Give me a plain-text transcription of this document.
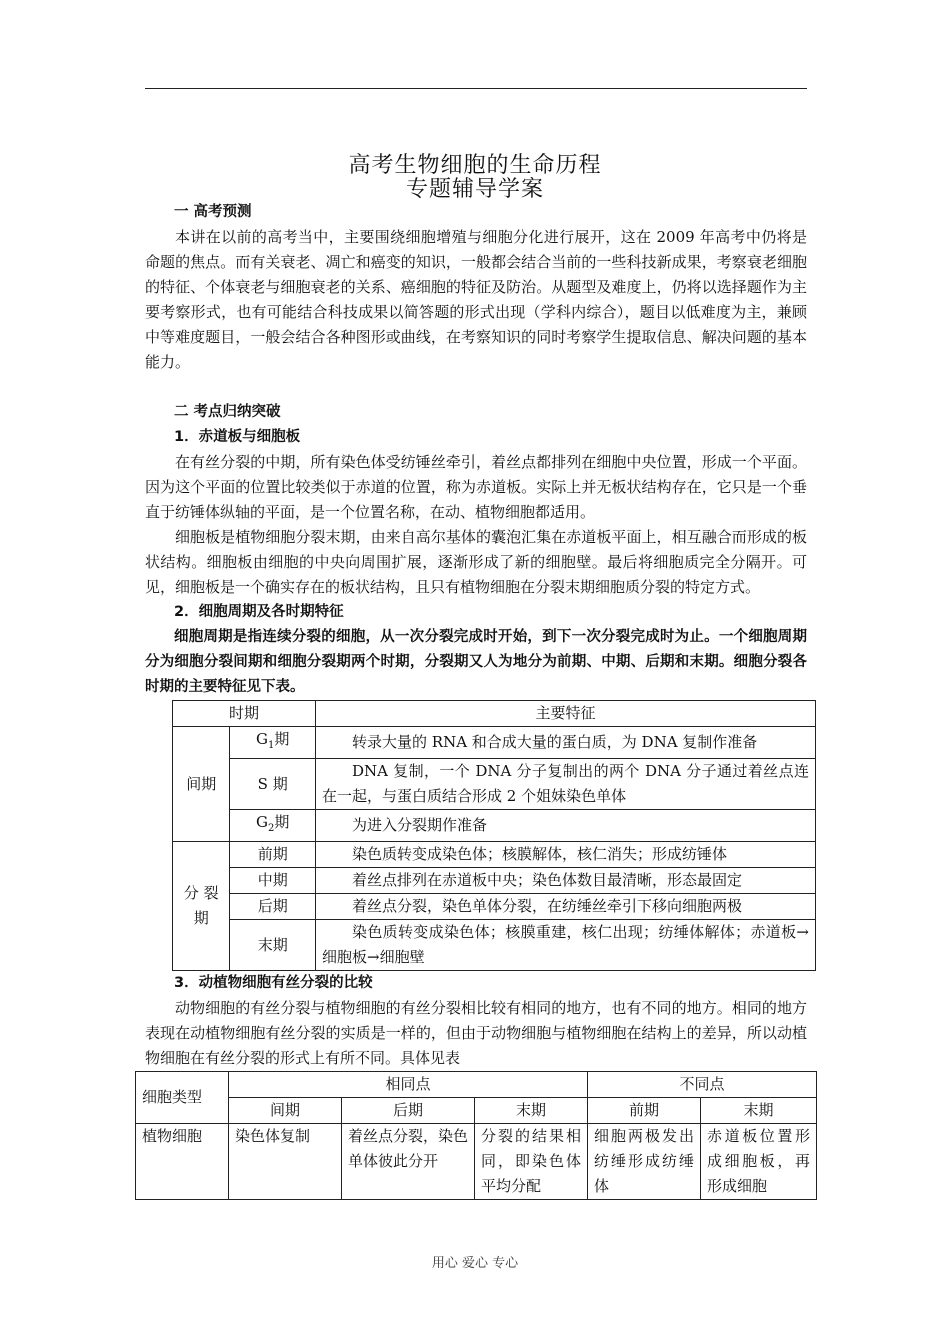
高考生物细胞的生命历程
专题辅导学案

一 高考预测

本讲在以前的高考当中，主要围绕细胞增殖与细胞分化进行展开，这在 2009 年高考中仍将是命题的焦点。而有关衰老、凋亡和癌变的知识，一般都会结合当前的一些科技新成果，考察衰老细胞的特征、个体衰老与细胞衰老的关系、癌细胞的特征及防治。从题型及难度上，仍将以选择题作为主要考察形式，也有可能结合科技成果以简答题的形式出现（学科内综合），题目以低难度为主，兼顾中等难度题目，一般会结合各种图形或曲线，在考察知识的同时考察学生提取信息、解决问题的基本能力。

二 考点归纳突破

1．赤道板与细胞板

在有丝分裂的中期，所有染色体受纺锤丝牵引，着丝点都排列在细胞中央位置，形成一个平面。因为这个平面的位置比较类似于赤道的位置，称为赤道板。实际上并无板状结构存在，它只是一个垂直于纺锤体纵轴的平面，是一个位置名称，在动、植物细胞都适用。

细胞板是植物细胞分裂末期，由来自高尔基体的囊泡汇集在赤道板平面上，相互融合而形成的板状结构。细胞板由细胞的中央向周围扩展，逐渐形成了新的细胞壁。最后将细胞质完全分隔开。可见，细胞板是一个确实存在的板状结构，且只有植物细胞在分裂末期细胞质分裂的特定方式。

2．细胞周期及各时期特征

细胞周期是指连续分裂的细胞，从一次分裂完成时开始，到下一次分裂完成时为止。一个细胞周期分为细胞分裂间期和细胞分裂期两个时期，分裂期又人为地分为前期、中期、后期和末期。细胞分裂各时期的主要特征见下表。

时期		主要特征
间期	$G_1$期	转录大量的 RNA 和合成大量的蛋白质，为 DNA 复制作准备
	S 期	DNA 复制，一个 DNA 分子复制出的两个 DNA 分子通过着丝点连在一起，与蛋白质结合形成 2 个姐妹染色单体
	$G_2$期	为进入分裂期作准备
分 裂
期	前期	染色质转变成染色体；核膜解体，核仁消失；形成纺锤体
	中期	着丝点排列在赤道板中央；染色体数目最清晰，形态最固定
	后期	着丝点分裂，染色单体分裂，在纺缍丝牵引下移向细胞两极
	末期	染色质转变成染色体；核膜重建，核仁出现；纺缍体解体；赤道板→细胞板→细胞壁

3．动植物细胞有丝分裂的比较

动物细胞的有丝分裂与植物细胞的有丝分裂相比较有相同的地方，也有不同的地方。相同的地方表现在动植物细胞有丝分裂的实质是一样的，但由于动物细胞与植物细胞在结构上的差异，所以动植物细胞在有丝分裂的形式上有所不同。具体见表

细胞类型	相同点			不同点	
	间期	后期	末期	前期	末期
植物细胞	染色体复制	着丝点分裂，染色单体彼此分开	分裂的结果相同，即染色体平均分配	细胞两极发出纺缍形成纺缍体	赤道板位置形成细胞板，再形成细胞
用心 爱心 专心
